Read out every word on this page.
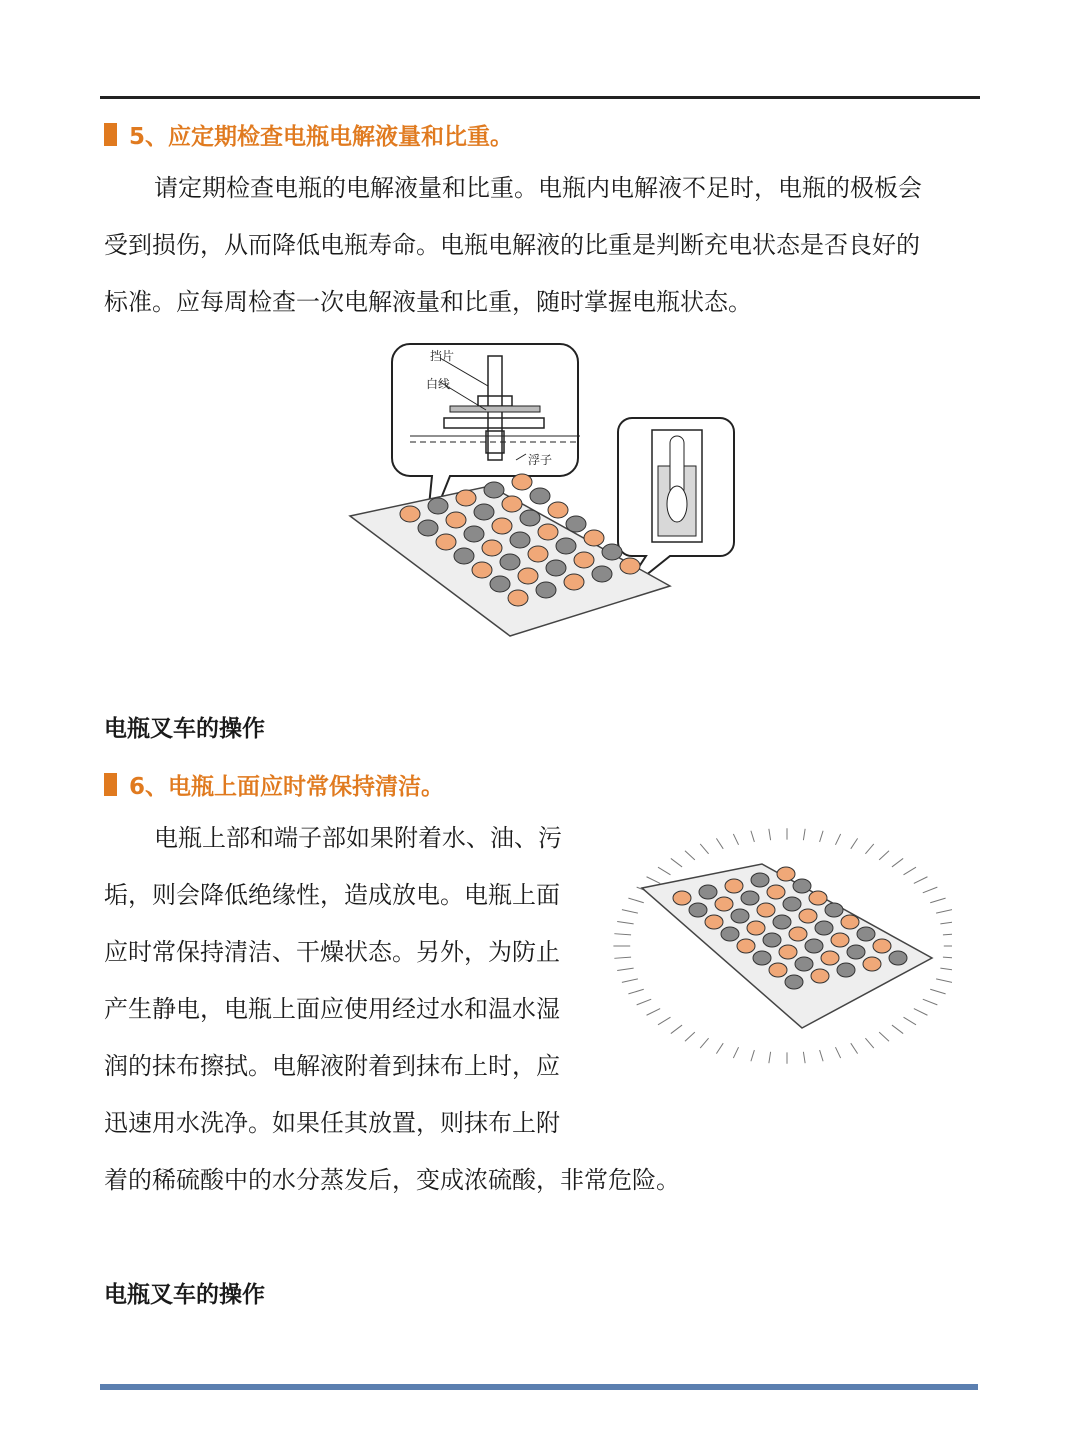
5、应定期检查电瓶电解液量和比重。

请定期检查电瓶的电解液量和比重。电瓶内电解液不足时，电瓶的极板会
受到损伤，从而降低电瓶寿命。电瓶电解液的比重是判断充电状态是否良好的
标准。应每周检查一次电解液量和比重，随时掌握电瓶状态。

挡片
白线
浮子
电瓶叉车的操作
6、电瓶上面应时常保持清洁。

电瓶上部和端子部如果附着水、油、污
垢，则会降低绝缘性，造成放电。电瓶上面
应时常保持清洁、干燥状态。另外，为防止
产生静电，电瓶上面应使用经过水和温水湿
润的抹布擦拭。电解液附着到抹布上时，应
迅速用水洗净。如果任其放置，则抹布上附
着的稀硫酸中的水分蒸发后，变成浓硫酸，非常危险。

电瓶叉车的操作
